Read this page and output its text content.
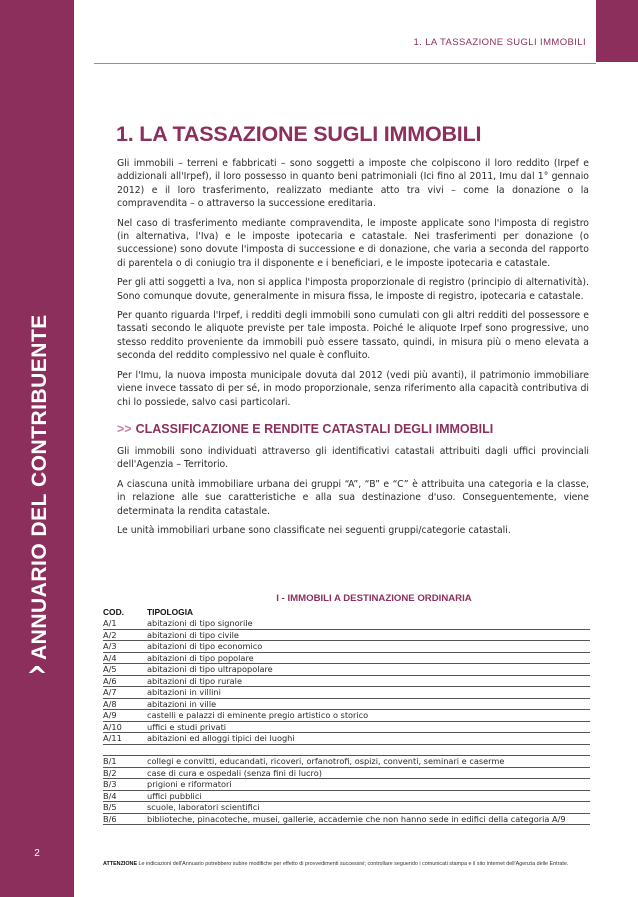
ANNUARIO DEL CONTRIBUENTE
^
2
1. LA TASSAZIONE SUGLI IMMOBILI
1. LA TASSAZIONE SUGLI IMMOBILI

Gli immobili – terreni e fabbricati – sono soggetti a imposte che colpiscono il loro reddito (Irpef e addizionali all'Irpef), il loro possesso in quanto beni patrimoniali (Ici fino al 2011, Imu dal 1° gennaio 2012) e il loro trasferimento, realizzato mediante atto tra vivi – come la donazione o la compravendita – o attraverso la successione ereditaria.

Nel caso di trasferimento mediante compravendita, le imposte applicate sono l'imposta di registro (in alternativa, l'Iva) e le imposte ipotecaria e catastale. Nei trasferimenti per donazione (o successione) sono dovute l'imposta di successione e di donazione, che varia a seconda del rapporto di parentela o di coniugio tra il disponente e i beneficiari, e le imposte ipotecaria e catastale.

Per gli atti soggetti a Iva, non si applica l'imposta proporzionale di registro (principio di alternatività). Sono comunque dovute, generalmente in misura fissa, le imposte di registro, ipotecaria e catastale.

Per quanto riguarda l'Irpef, i redditi degli immobili sono cumulati con gli altri redditi del possessore e tassati secondo le aliquote previste per tale imposta. Poiché le aliquote Irpef sono progressive, uno stesso reddito proveniente da immobili può essere tassato, quindi, in misura più o meno elevata a seconda del reddito complessivo nel quale è confluito.

Per l'Imu, la nuova imposta municipale dovuta dal 2012 (vedi più avanti), il patrimonio immobiliare viene invece tassato di per sé, in modo proporzionale, senza riferimento alla capacità contributiva di chi lo possiede, salvo casi particolari.

>> CLASSIFICAZIONE E RENDITE CATASTALI DEGLI IMMOBILI

Gli immobili sono individuati attraverso gli identificativi catastali attribuiti dagli uffici provinciali dell'Agenzia – Territorio.

A ciascuna unità immobiliare urbana dei gruppi “A”, “B” e “C” è attribuita una categoria e la classe, in relazione alle sue caratteristiche e alla sua destinazione d'uso. Conseguentemente, viene determinata la rendita catastale.

Le unità immobiliari urbane sono classificate nei seguenti gruppi/categorie catastali.

I - IMMOBILI A DESTINAZIONE ORDINARIA
COD.	TIPOLOGIA
A/1	abitazioni di tipo signorile
A/2	abitazioni di tipo civile
A/3	abitazioni di tipo economico
A/4	abitazioni di tipo popolare
A/5	abitazioni di tipo ultrapopolare
A/6	abitazioni di tipo rurale
A/7	abitazioni in villini
A/8	abitazioni in ville
A/9	castelli e palazzi di eminente pregio artistico o storico
A/10	uffici e studi privati
A/11	abitazioni ed alloggi tipici dei luoghi
B/1	collegi e convitti, educandati, ricoveri, orfanotrofi, ospizi, conventi, seminari e caserme
B/2	case di cura e ospedali (senza fini di lucro)
B/3	prigioni e riformatori
B/4	uffici pubblici
B/5	scuole, laboratori scientifici
B/6	biblioteche, pinacoteche, musei, gallerie, accademie che non hanno sede in edifici della categoria A/9
ATTENZIONE Le indicazioni dell'Annuario potrebbero subire modifiche per effetto di provvedimenti successivi; controllare seguendo i comunicati stampa e il sito internet dell'Agenzia delle Entrate.
